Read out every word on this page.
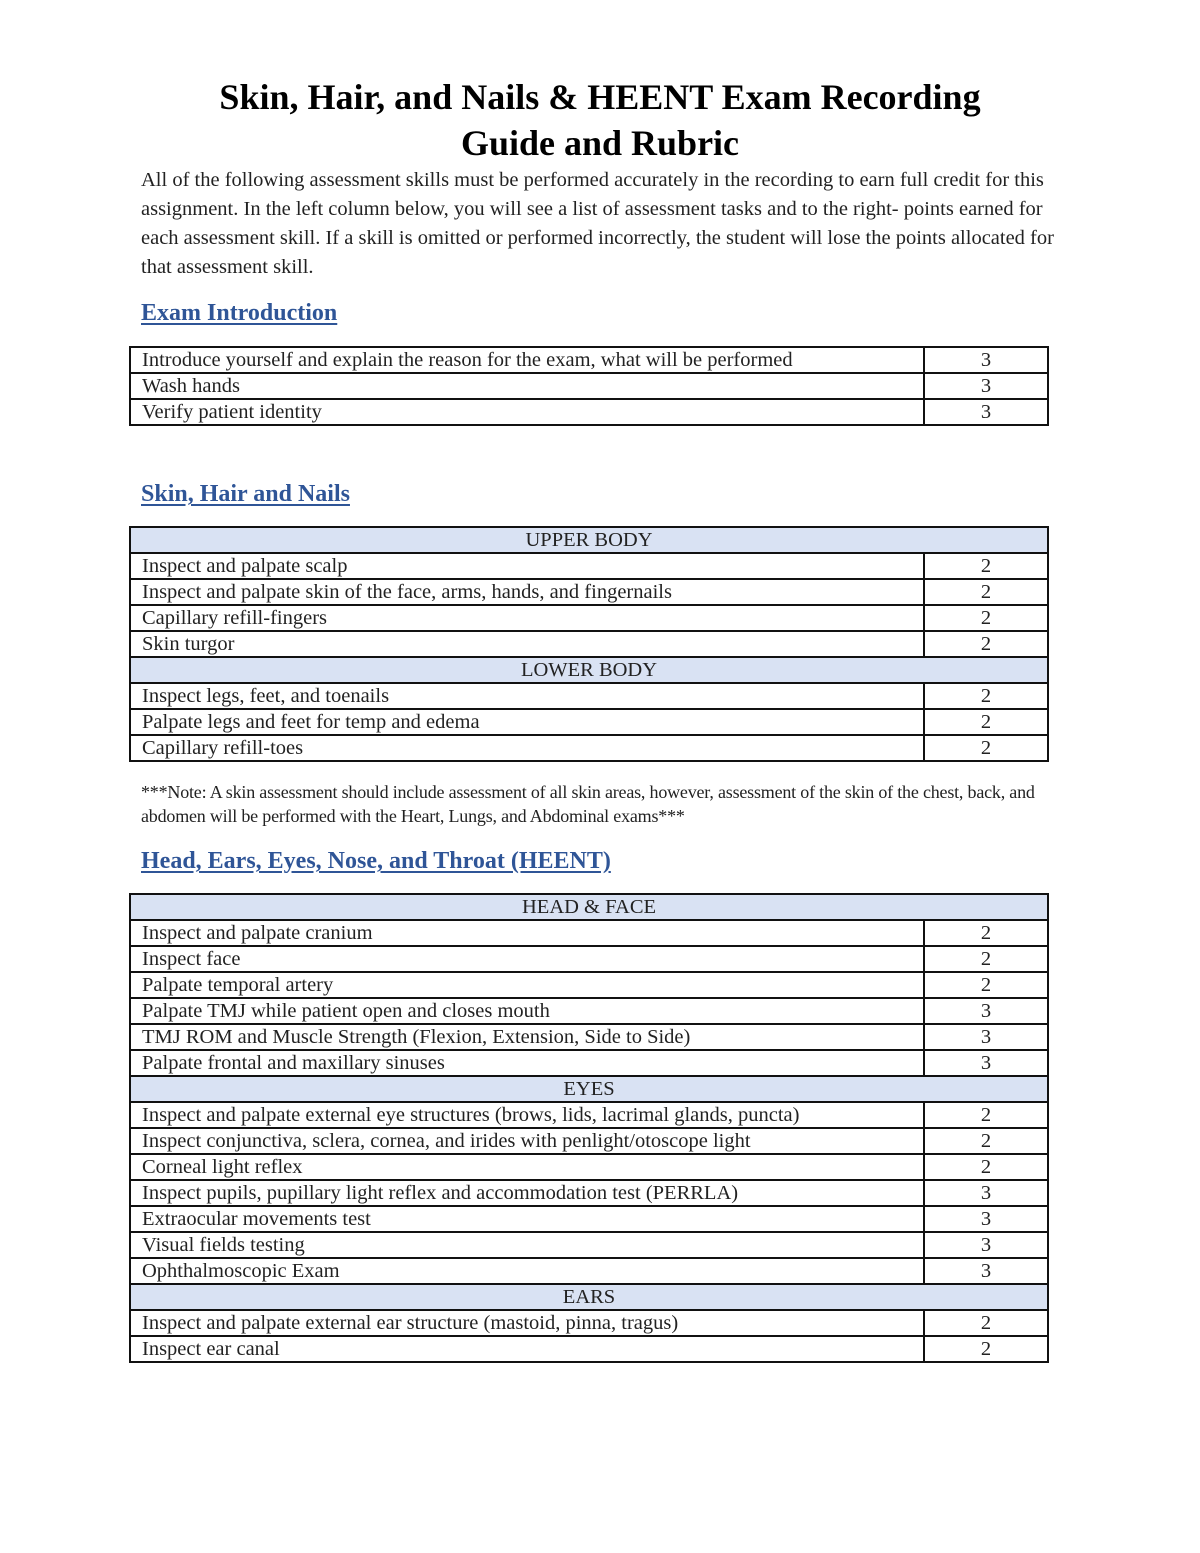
Skin, Hair, and Nails & HEENT Exam Recording
Guide and Rubric

All of the following assessment skills must be performed accurately in the recording to earn full credit for this assignment. In the left column below, you will see a list of assessment tasks and to the right- points earned for each assessment skill. If a skill is omitted or performed incorrectly, the student will lose the points allocated for that assessment skill.

Exam Introduction
Introduce yourself and explain the reason for the exam, what will be performed	3
Wash hands	3
Verify patient identity	3
Skin, Hair and Nails
UPPER BODY	
Inspect and palpate scalp	2
Inspect and palpate skin of the face, arms, hands, and fingernails	2
Capillary refill-fingers	2
Skin turgor	2
LOWER BODY	
Inspect legs, feet, and toenails	2
Palpate legs and feet for temp and edema	2
Capillary refill-toes	2

***Note: A skin assessment should include assessment of all skin areas, however, assessment of the skin of the chest, back, and abdomen will be performed with the Heart, Lungs, and Abdominal exams***

Head, Ears, Eyes, Nose, and Throat (HEENT)
HEAD & FACE	
Inspect and palpate cranium	2
Inspect face	2
Palpate temporal artery	2
Palpate TMJ while patient open and closes mouth	3
TMJ ROM and Muscle Strength (Flexion, Extension, Side to Side)	3
Palpate frontal and maxillary sinuses	3
EYES	
Inspect and palpate external eye structures (brows, lids, lacrimal glands, puncta)	2
Inspect conjunctiva, sclera, cornea, and irides with penlight/otoscope light	2
Corneal light reflex	2
Inspect pupils, pupillary light reflex and accommodation test (PERRLA)	3
Extraocular movements test	3
Visual fields testing	3
Ophthalmoscopic Exam	3
EARS	
Inspect and palpate external ear structure (mastoid, pinna, tragus)	2
Inspect ear canal	2
